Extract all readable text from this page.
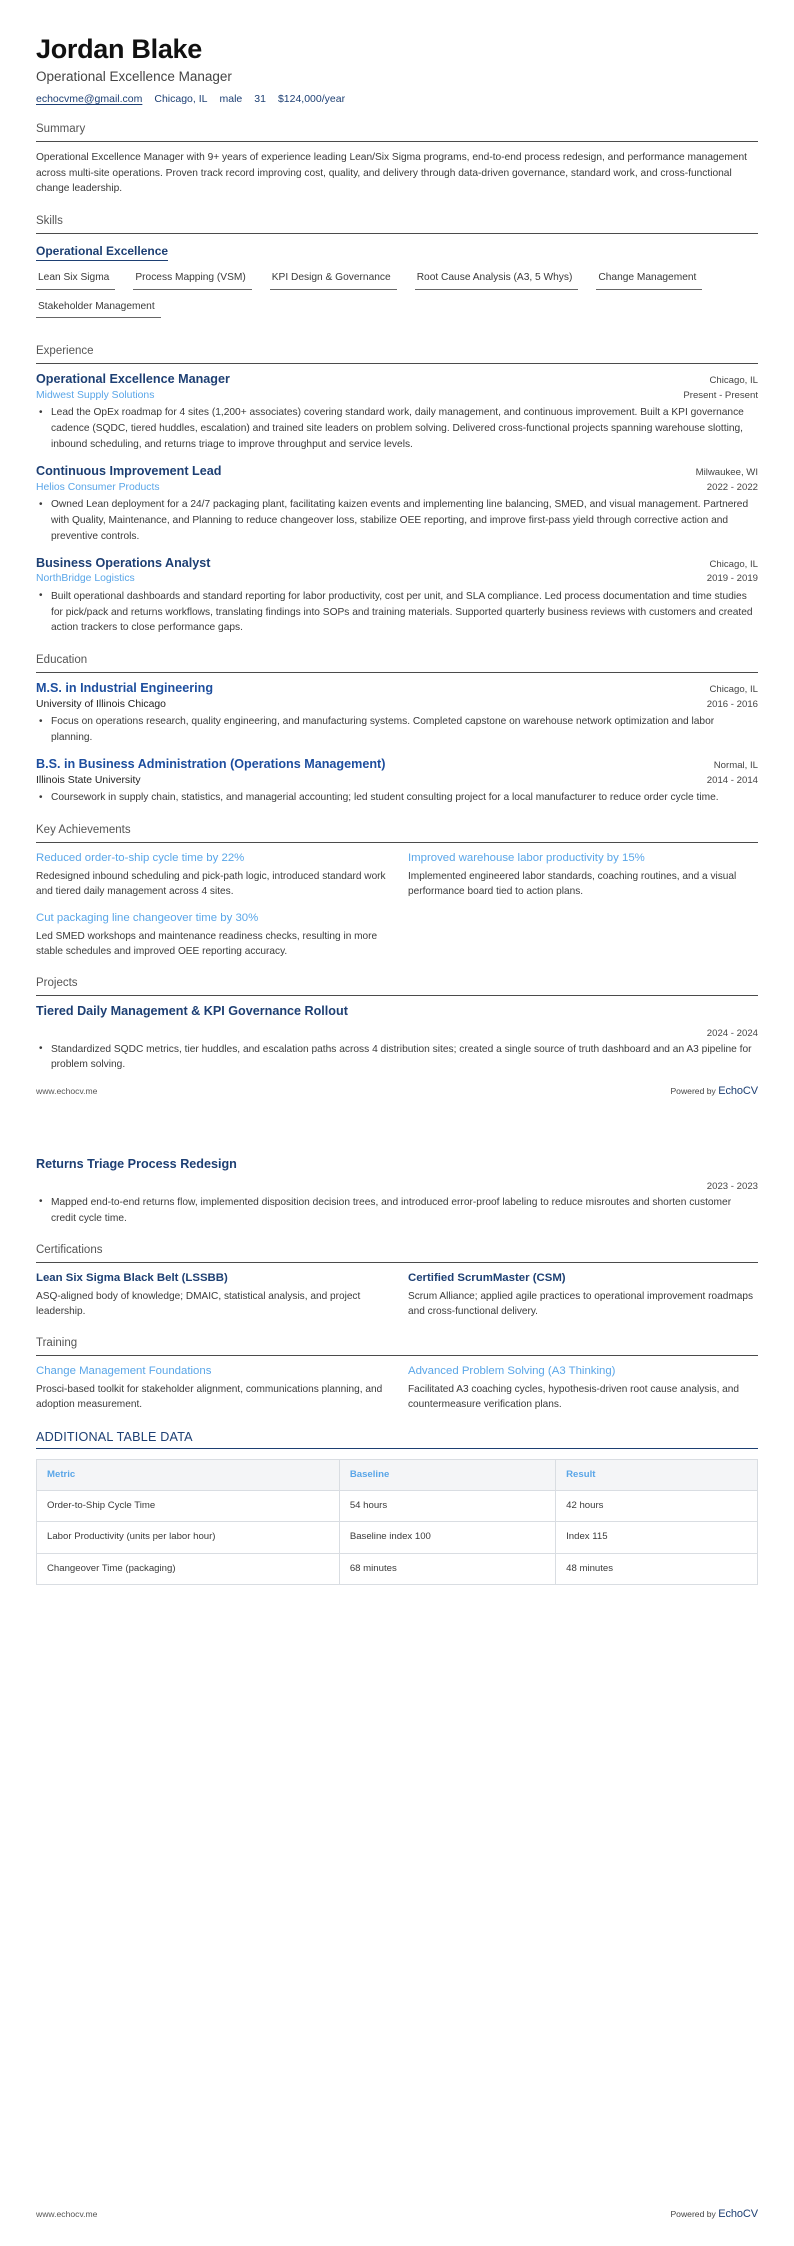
Jordan Blake
Operational Excellence Manager
echocvme@gmail.com Chicago, IL male 31 $124,000/year
Summary

Operational Excellence Manager with 9+ years of experience leading Lean/Six Sigma programs, end-to-end process redesign, and performance management across multi-site operations. Proven track record improving cost, quality, and delivery through data-driven governance, standard work, and cross-functional change leadership.

Skills
Operational Excellence
Lean Six Sigma	Process Mapping (VSM)	KPI Design & Governance	Root Cause Analysis (A3, 5 Whys)	Change Management
Stakeholder Management
Experience
Operational Excellence Manager	Chicago, IL
Midwest Supply Solutions	Present - Present
• Lead the OpEx roadmap for 4 sites (1,200+ associates) covering standard work, daily management, and continuous improvement. Built a KPI governance cadence (SQDC, tiered huddles, escalation) and trained site leaders on problem solving. Delivered cross-functional projects spanning warehouse slotting, inbound scheduling, and returns triage to improve throughput and service levels.
Continuous Improvement Lead	Milwaukee, WI
Helios Consumer Products	2022 - 2022
• Owned Lean deployment for a 24/7 packaging plant, facilitating kaizen events and implementing line balancing, SMED, and visual management. Partnered with Quality, Maintenance, and Planning to reduce changeover loss, stabilize OEE reporting, and improve first-pass yield through corrective action and preventive controls.
Business Operations Analyst	Chicago, IL
NorthBridge Logistics	2019 - 2019
• Built operational dashboards and standard reporting for labor productivity, cost per unit, and SLA compliance. Led process documentation and time studies for pick/pack and returns workflows, translating findings into SOPs and training materials. Supported quarterly business reviews with customers and created action trackers to close performance gaps.
Education
M.S. in Industrial Engineering	Chicago, IL
University of Illinois Chicago	2016 - 2016
• Focus on operations research, quality engineering, and manufacturing systems. Completed capstone on warehouse network optimization and labor planning.
B.S. in Business Administration (Operations Management)	Normal, IL
Illinois State University	2014 - 2014
• Coursework in supply chain, statistics, and managerial accounting; led student consulting project for a local manufacturer to reduce order cycle time.
Key Achievements
Reduced order-to-ship cycle time by 22%
Redesigned inbound scheduling and pick-path logic, introduced standard work and tiered daily management across 4 sites.
Improved warehouse labor productivity by 15%
Implemented engineered labor standards, coaching routines, and a visual performance board tied to action plans.
Cut packaging line changeover time by 30%
Led SMED workshops and maintenance readiness checks, resulting in more stable schedules and improved OEE reporting accuracy.
Projects
Tiered Daily Management & KPI Governance Rollout
2024 - 2024
• Standardized SQDC metrics, tier huddles, and escalation paths across 4 distribution sites; created a single source of truth dashboard and an A3 pipeline for problem solving.
www.echocv.me	Powered by EchoCV
Returns Triage Process Redesign
2023 - 2023
• Mapped end-to-end returns flow, implemented disposition decision trees, and introduced error-proof labeling to reduce misroutes and shorten customer credit cycle time.
Certifications
Lean Six Sigma Black Belt (LSSBB)
ASQ-aligned body of knowledge; DMAIC, statistical analysis, and project leadership.
Certified ScrumMaster (CSM)
Scrum Alliance; applied agile practices to operational improvement roadmaps and cross-functional delivery.
Training
Change Management Foundations
Prosci-based toolkit for stakeholder alignment, communications planning, and adoption measurement.
Advanced Problem Solving (A3 Thinking)
Facilitated A3 coaching cycles, hypothesis-driven root cause analysis, and countermeasure verification plans.
ADDITIONAL TABLE DATA
Metric	Baseline	Result
Order-to-Ship Cycle Time	54 hours	42 hours
Labor Productivity (units per labor hour)	Baseline index 100	Index 115
Changeover Time (packaging)	68 minutes	48 minutes
www.echocv.me	Powered by EchoCV
